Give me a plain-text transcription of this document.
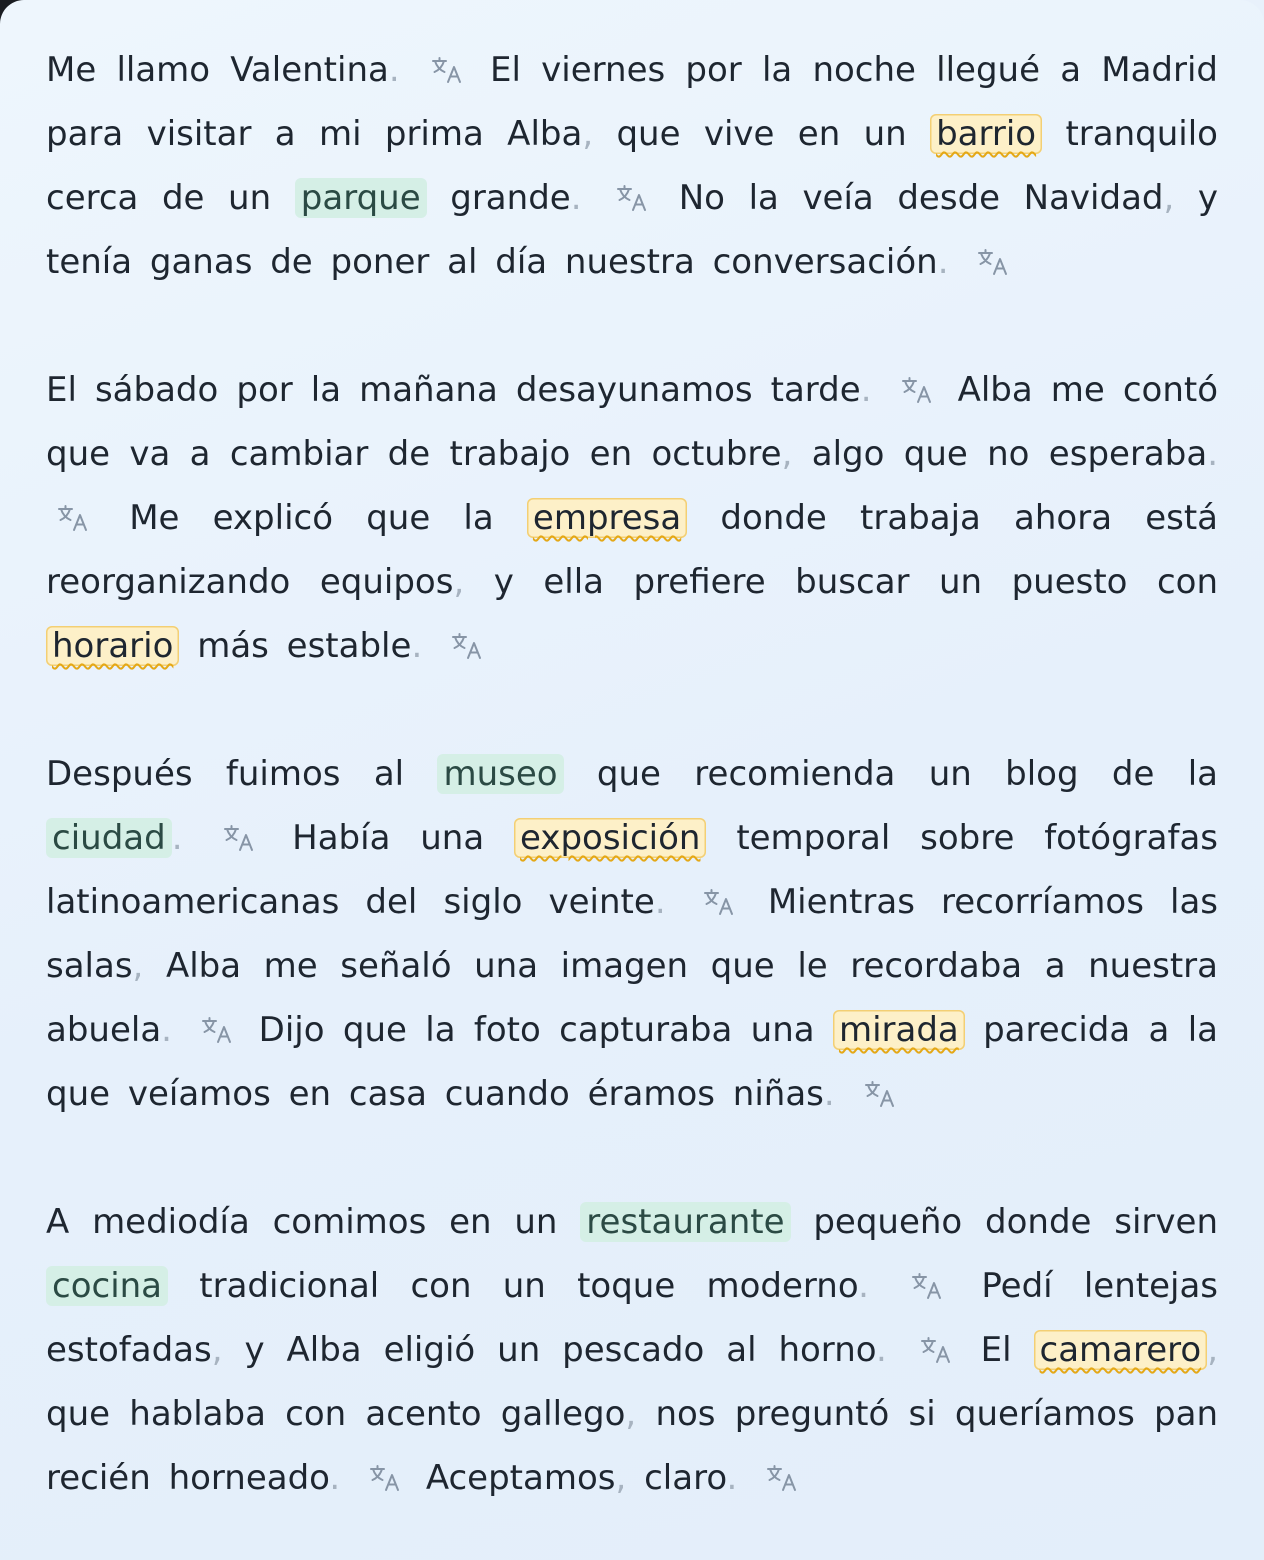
Me llamo Valentina.	El viernes por la noche llegué a Madrid para visitar a mi prima Alba, que vive en un barrio tranquilo cerca de un parque grande.	No la veía desde Navidad, y tenía ganas de poner al día nuestra conversación.

El sábado por la mañana desayunamos tarde.	Alba me contó que va a cambiar de trabajo en octubre, algo que no esperaba.  Me explicó que la empresa donde trabaja ahora está reorganizando equipos, y ella prefiere buscar un puesto con horario más estable.

Después fuimos al museo que recomienda un blog de la ciudad .	Había una exposición temporal sobre fotógrafas latinoamericanas del siglo veinte.	Mientras recorríamos las salas, Alba me señaló una imagen que le recordaba a nuestra abuela.	Dijo que la foto capturaba una mirada parecida a la que veíamos en casa cuando éramos niñas.

A mediodía comimos en un restaurante pequeño donde sirven cocina tradicional con un toque moderno.	Pedí lentejas estofadas, y Alba eligió un pescado al horno.	El camarero , que hablaba con acento gallego, nos preguntó si queríamos pan recién horneado.	Aceptamos, claro.
